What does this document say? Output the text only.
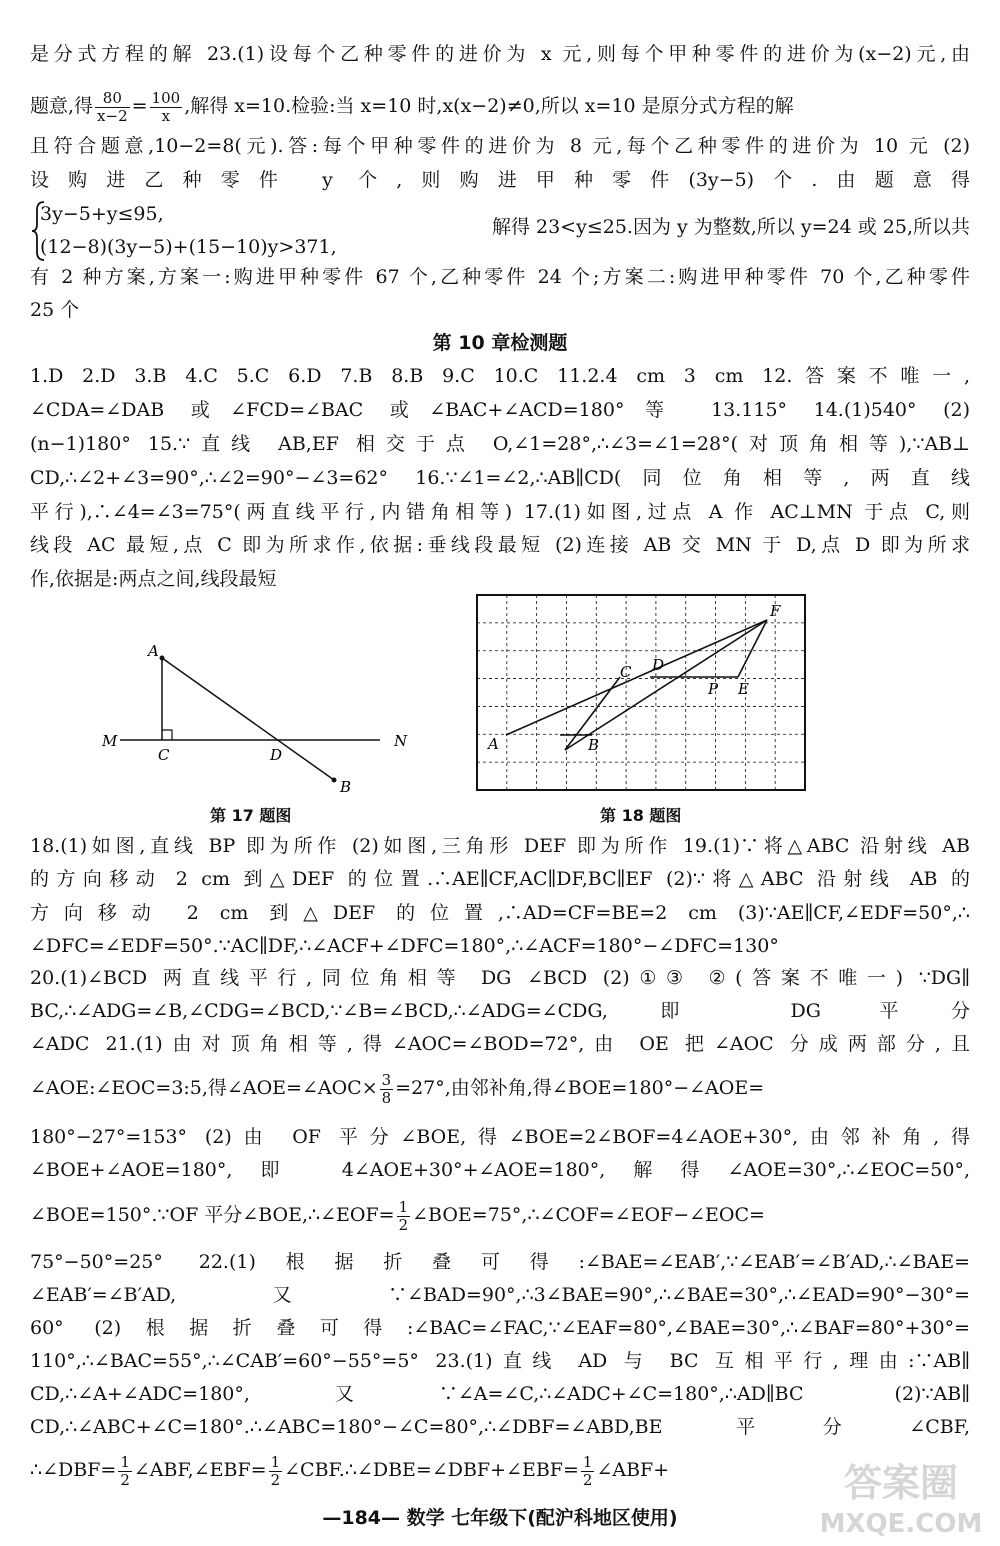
是分式方程的解 23.(1)设每个乙种零件的进价为 x 元,则每个甲种零件的进价为(x−2)元,由
题意,得 $\frac{80}{x-2} = \frac{100}{x}$ ,解得 x=10.检验:当 x=10 时,x(x−2)≠0,所以 x=10 是原分式方程的解
且符合题意,10−2=8(元).答:每个甲种零件的进价为 8 元,每个乙种零件的进价为 10 元 (2)
设购进乙种零件 y 个,则购进甲种零件(3y−5)个.由题意得
3y−5+y≤95,
(12−8)(3y−5)+(15−10)y>371,
解得 23<y≤25.因为 y 为整数,所以 y=24 或 25,所以共
有 2 种方案,方案一:购进甲种零件 67 个,乙种零件 24 个;方案二:购进甲种零件 70 个,乙种零件
25 个
第 10 章检测题
1.D 2.D 3.B 4.C 5.C 6.D 7.B 8.B 9.C 10.C 11.2.4 cm 3 cm 12.答案不唯一,
∠CDA=∠DAB 或∠FCD=∠BAC 或∠BAC+∠ACD=180°等 13.115° 14.(1)540° (2)
(n−1)180° 15.∵直线 AB,EF 相交于点 O,∠1=28°,∴∠3=∠1=28°(对顶角相等),∵AB⊥
CD,∴∠2+∠3=90°,∴∠2=90°−∠3=62° 16.∵∠1=∠2,∴AB∥CD(同位角相等,两直线
平行),∴∠4=∠3=75°(两直线平行,内错角相等) 17.(1)如图,过点 A 作 AC⊥MN 于点 C,则
线段 AC 最短,点 C 即为所求作,依据:垂线段最短 (2)连接 AB 交 MN 于 D,点 D 即为所求
作,依据是:两点之间,线段最短
A
B
C	D
M	N
第 17 题图
A	B
C D
E
F
P
第 18 题图
18.(1)如图,直线 BP 即为所作 (2)如图,三角形 DEF 即为所作 19.(1)∵将△ABC 沿射线 AB
的方向移动 2 cm 到△DEF 的位置.∴AE∥CF,AC∥DF,BC∥EF (2)∵将△ABC 沿射线 AB 的
方向移动 2 cm 到△DEF 的位置,∴AD=CF=BE=2 cm (3)∵AE∥CF,∠EDF=50°,∴
∠DFC=∠EDF=50°.∵AC∥DF,∴∠ACF+∠DFC=180°,∴∠ACF=180°−∠DFC=130°
20.(1)∠BCD 两直线平行,同位角相等 DG ∠BCD (2)①③ ②(答案不唯一) ∵DG∥
BC,∴∠ADG=∠B,∠CDG=∠BCD,∵∠B=∠BCD,∴∠ADG=∠CDG,即 DG 平分
∠ADC 21.(1)由对顶角相等,得∠AOC=∠BOD=72°,由 OE 把∠AOC 分成两部分,且
∠AOE:∠EOC=3:5,得∠AOE=∠AOC× $\frac{3}{8} =27^\circ$,由邻补角,得∠BOE=180°−∠AOE=
180°−27°=153° (2)由 OF 平分∠BOE,得∠BOE=2∠BOF=4∠AOE+30°,由邻补角,得
∠BOE+∠AOE=180°,即 4∠AOE+30°+∠AOE=180°,解得∠AOE=30°,∴∠EOC=50°,
∠BOE=150°.∵OF 平分∠BOE,∴∠EOF= $\frac{1}{2}$ ∠BOE=75°,∴∠COF=∠EOF−∠EOC=
75°−50°=25° 22.(1)根据折叠可得:∠BAE=∠EAB′,∵∠EAB′=∠B′AD,∴∠BAE=
∠EAB′=∠B′AD,又∵∠BAD=90°,∴3∠BAE=90°,∴∠BAE=30°,∴∠EAD=90°−30°=
60° (2)根据折叠可得:∠BAC=∠FAC,∵∠EAF=80°,∠BAE=30°,∴∠BAF=80°+30°=
110°,∴∠BAC=55°,∴∠CAB′=60°−55°=5° 23.(1)直线 AD 与 BC 互相平行,理由:∵AB∥
CD,∴∠A+∠ADC=180°,又∵∠A=∠C,∴∠ADC+∠C=180°,∴AD∥BC (2)∵AB∥
CD,∴∠ABC+∠C=180°.∴∠ABC=180°−∠C=80°,∴∠DBF=∠ABD,BE 平分∠CBF,
∴∠DBF= $\frac{1}{2}$ ∠ABF,∠EBF= $\frac{1}{2}$ ∠CBF.∴∠DBE=∠DBF+∠EBF= $\frac{1}{2}$ ∠ABF+
—184— 数学 七年级下(配沪科地区使用)
答案圈
MXQE.COM
